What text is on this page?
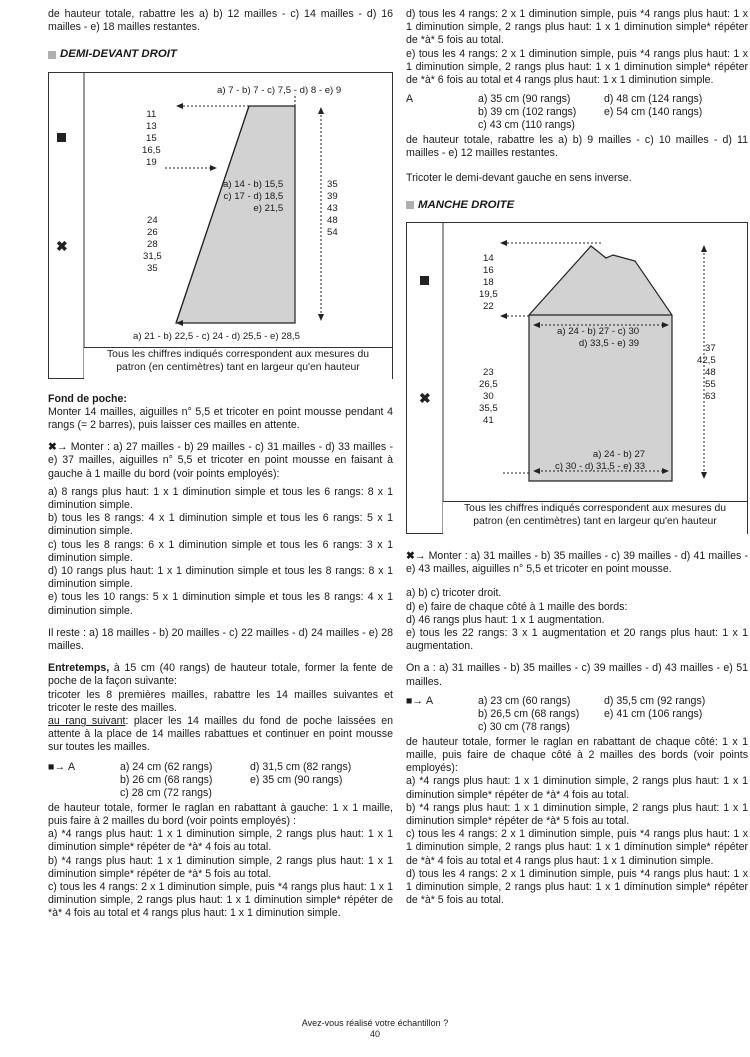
de hauteur totale, rabattre les a) b) 12 mailles - c) 14 mailles - d) 16 mailles - e) 18 mailles restantes.

DEMI-DEVANT DROIT
✖
a) 7 - b) 7 - c) 7,5 - d) 8 - e) 9
11
13
15
16,5
19
a) 14 - b) 15,5
c) 17 - d) 18,5
e) 21,5
24
26
28
31,5
35
35
39
43
48
54
a) 21 - b) 22,5 - c) 24 - d) 25,5 - e) 28,5
Tous les chiffres indiqués correspondent aux mesures du
patron (en centimètres) tant en largeur qu'en hauteur

Fond de poche:

Monter 14 mailles, aiguilles n° 5,5 et tricoter en point mousse pendant 4 rangs (= 2 barres), puis laisser ces mailles en attente.

✖→ Monter : a) 27 mailles - b) 29 mailles - c) 31 mailles - d) 33 mailles - e) 37 mailles, aiguilles n° 5,5 et tricoter en point mousse en faisant à gauche à 1 maille du bord (voir points employés):

a) 8 rangs plus haut: 1 x 1 diminution simple et tous les 6 rangs: 8 x 1 diminution simple.

b) tous les 8 rangs: 4 x 1 diminution simple et tous les 6 rangs: 5 x 1 diminution simple.

c) tous les 8 rangs: 6 x 1 diminution simple et tous les 6 rangs: 3 x 1 diminution simple.

d) 10 rangs plus haut: 1 x 1 diminution simple et tous les 8 rangs: 8 x 1 diminution simple.

e) tous les 10 rangs: 5 x 1 diminution simple et tous les 8 rangs: 4 x 1 diminution simple.

Il reste : a) 18 mailles - b) 20 mailles - c) 22 mailles - d) 24 mailles - e) 28 mailles.

Entretemps, à 15 cm (40 rangs) de hauteur totale, former la fente de poche de la façon suivante:

tricoter les 8 premières mailles, rabattre les 14 mailles suivantes et tricoter le reste des mailles.

au rang suivant: placer les 14 mailles du fond de poche laissées en attente à la place de 14 mailles rabattues et continuer en point mousse sur toutes les mailles.

■→ A	a) 24 cm (62 rangs)	d) 31,5 cm (82 rangs)
b) 26 cm (68 rangs)	e) 35 cm (90 rangs)
c) 28 cm (72 rangs)

de hauteur totale, former le raglan en rabattant à gauche: 1 x 1 maille, puis faire à 2 mailles du bord (voir points employés) :

a) *4 rangs plus haut: 1 x 1 diminution simple, 2 rangs plus haut: 1 x 1 diminution simple* répéter de *à* 4 fois au total.

b) *4 rangs plus haut: 1 x 1 diminution simple, 2 rangs plus haut: 1 x 1 diminution simple* répéter de *à* 5 fois au total.

c) tous les 4 rangs: 2 x 1 diminution simple, puis *4 rangs plus haut: 1 x 1 diminution simple, 2 rangs plus haut: 1 x 1 diminution simple* répéter de *à* 4 fois au total et 4 rangs plus haut: 1 x 1 diminution simple.

d) tous les 4 rangs: 2 x 1 diminution simple, puis *4 rangs plus haut: 1 x 1 diminution simple, 2 rangs plus haut: 1 x 1 diminution simple* répéter de *à* 5 fois au total.

e) tous les 4 rangs: 2 x 1 diminution simple, puis *4 rangs plus haut: 1 x 1 diminution simple, 2 rangs plus haut: 1 x 1 diminution simple* répéter de *à* 6 fois au total et 4 rangs plus haut: 1 x 1 diminution simple.

A	a) 35 cm (90 rangs)	d) 48 cm (124 rangs)
b) 39 cm (102 rangs)	e) 54 cm (140 rangs)
c) 43 cm (110 rangs)

de hauteur totale, rabattre les a) b) 9 mailles - c) 10 mailles - d) 11 mailles - e) 12 mailles restantes.

Tricoter le demi-devant gauche en sens inverse.

MANCHE DROITE
✖
14
16
18
19,5
22
a) 24 - b) 27 - c) 30
d) 33,5 - e) 39	37
42,5
48
55
63
23
26,5
30
35,5
41
a) 24 - b) 27
c) 30 - d) 31,5 - e) 33
Tous les chiffres indiqués correspondent aux mesures du
patron (en centimètres) tant en largeur qu'en hauteur

✖→ Monter : a) 31 mailles - b) 35 mailles - c) 39 mailles - d) 41 mailles - e) 43 mailles, aiguilles n° 5,5 et tricoter en point mousse.

a) b) c) tricoter droit.

d) e) faire de chaque côté à 1 maille des bords:

d) 46 rangs plus haut: 1 x 1 augmentation.

e) tous les 22 rangs: 3 x 1 augmentation et 20 rangs plus haut: 1 x 1 augmentation.

On a : a) 31 mailles - b) 35 mailles - c) 39 mailles - d) 43 mailles - e) 51 mailles.

■→ A	a) 23 cm (60 rangs)	d) 35,5 cm (92 rangs)
b) 26,5 cm (68 rangs)	e) 41 cm (106 rangs)
c) 30 cm (78 rangs)

de hauteur totale, former le raglan en rabattant de chaque côté: 1 x 1 maille, puis faire de chaque côté à 2 mailles des bords (voir points employés):

a) *4 rangs plus haut: 1 x 1 diminution simple, 2 rangs plus haut: 1 x 1 diminution simple* répéter de *à* 4 fois au total.

b) *4 rangs plus haut: 1 x 1 diminution simple, 2 rangs plus haut: 1 x 1 diminution simple* répéter de *à* 5 fois au total.

c) tous les 4 rangs: 2 x 1 diminution simple, puis *4 rangs plus haut: 1 x 1 diminution simple, 2 rangs plus haut: 1 x 1 diminution simple* répéter de *à* 4 fois au total et 4 rangs plus haut: 1 x 1 diminution simple.

d) tous les 4 rangs: 2 x 1 diminution simple, puis *4 rangs plus haut: 1 x 1 diminution simple, 2 rangs plus haut: 1 x 1 diminution simple* répéter de *à* 5 fois au total.

Avez-vous réalisé votre échantillon ?
40
